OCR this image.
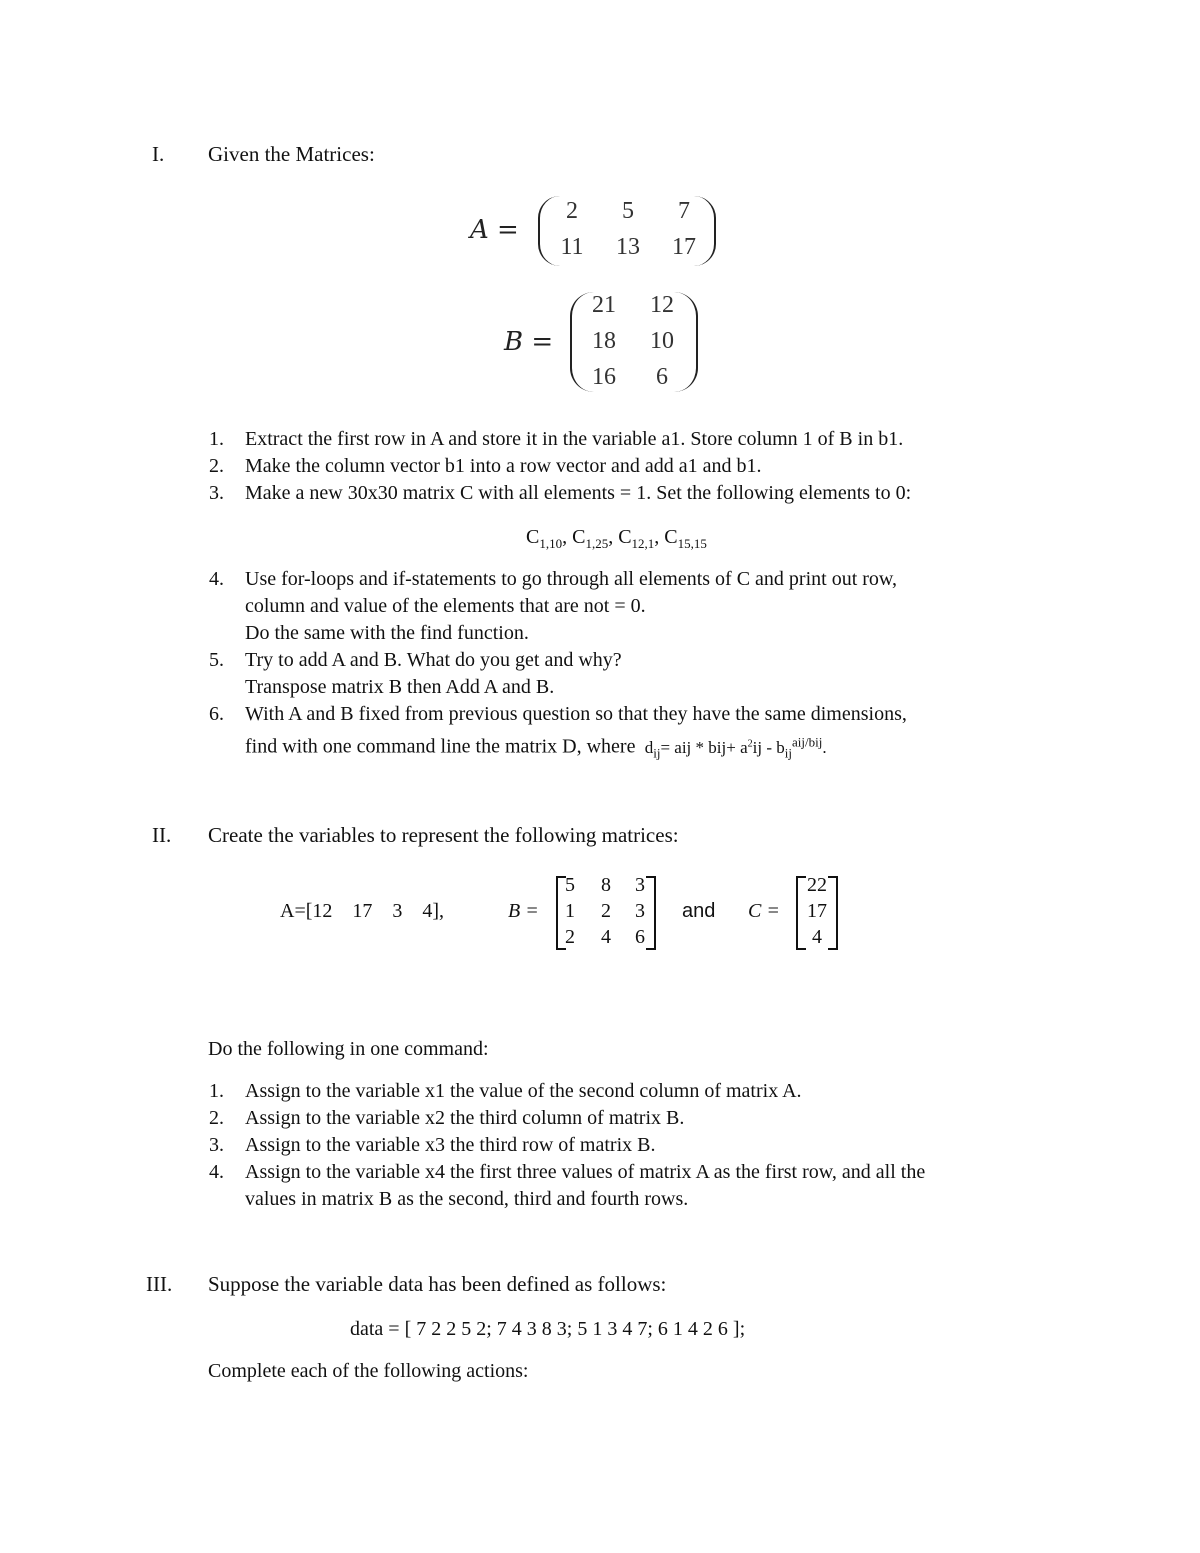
I. Given the Matrices:
A =
2	5	7
11	13	17
B =
21	12
18	10
16	6
1. Extract the first row in A and store it in the variable a1. Store column 1 of B in b1.
2. Make the column vector b1 into a row vector and add a1 and b1.
3. Make a new 30x30 matrix C with all elements = 1. Set the following elements to 0:
$C_{1,10}$, $C_{1,25}$, $C_{12,1}$, $C_{15,15}$
4. Use for-loops and if-statements to go through all elements of C and print out row,
column and value of the elements that are not = 0.
Do the same with the find function.
5. Try to add A and B. What do you get and why?
Transpose matrix B then Add A and B.
6. With A and B fixed from previous question so that they have the same dimensions,
find with one command line the matrix D, where $d_{ij}=$ aij * $bij+ a^2ij - b_{ij}^{aij/bij}$.
II. Create the variables to represent the following matrices:
A=[12    17    3    4],	B =
5	8	3
1	2	3
2	4	6
and C =
22
17
4
Do the following in one command:
1. Assign to the variable x1 the value of the second column of matrix A.
2. Assign to the variable x2 the third column of matrix B.
3. Assign to the variable x3 the third row of matrix B.
4. Assign to the variable x4 the first three values of matrix A as the first row, and all the
values in matrix B as the second, third and fourth rows.
III. Suppose the variable data has been defined as follows:
data = [ 7 2 2 5 2; 7 4 3 8 3; 5 1 3 4 7; 6 1 4 2 6 ];
Complete each of the following actions:
